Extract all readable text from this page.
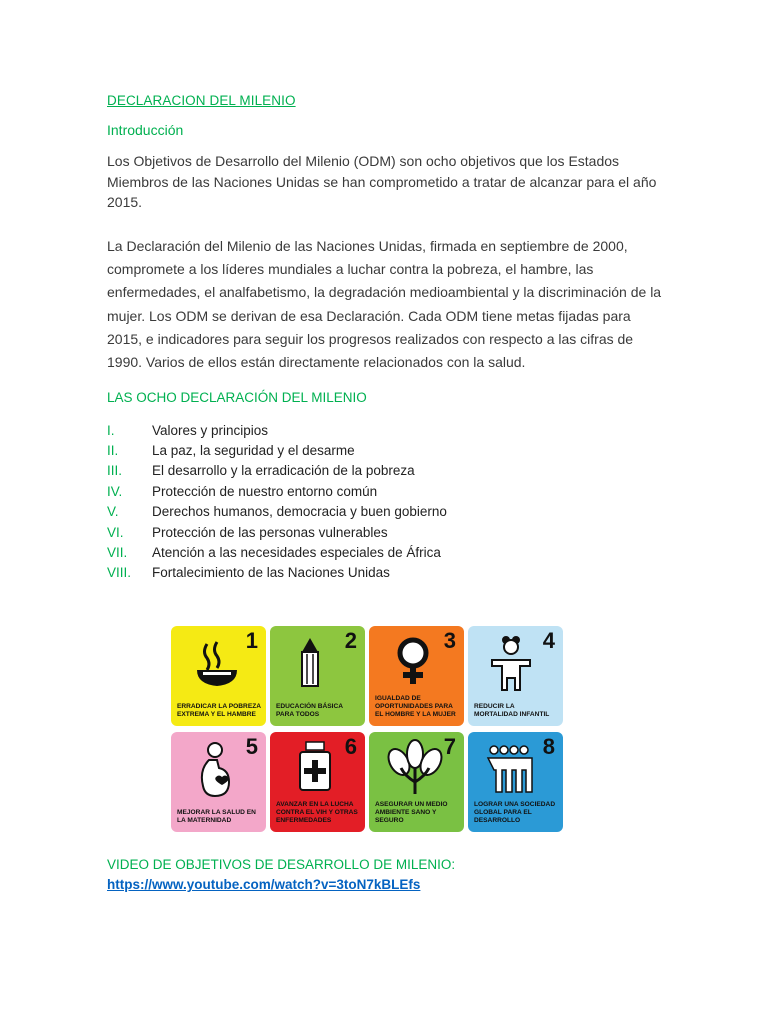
DECLARACION DEL MILENIO
Introducción
Los Objetivos de Desarrollo del Milenio (ODM) son ocho objetivos que los Estados Miembros de las Naciones Unidas se han comprometido a tratar de alcanzar para el año 2015.
La Declaración del Milenio de las Naciones Unidas, firmada en septiembre de 2000, compromete a los líderes mundiales a luchar contra la pobreza, el hambre, las enfermedades, el analfabetismo, la degradación medioambiental y la discriminación de la mujer. Los ODM se derivan de esa Declaración. Cada ODM tiene metas fijadas para 2015, e indicadores para seguir los progresos realizados con respecto a las cifras de 1990. Varios de ellos están directamente relacionados con la salud.
LAS OCHO DECLARACIÓN DEL MILENIO
I.	Valores y principios
II.	La paz, la seguridad y el desarme
III.	El desarrollo y la erradicación de la pobreza
IV.	Protección de nuestro entorno común
V.	Derechos humanos, democracia y buen gobierno
VI.	Protección de las personas vulnerables
VII.	Atención a las necesidades especiales de África
VIII.	Fortalecimiento de las Naciones Unidas
1
ERRADICAR LA POBREZA EXTREMA Y EL HAMBRE
2
EDUCACIÓN BÁSICA PARA TODOS
3
IGUALDAD DE OPORTUNIDADES PARA EL HOMBRE Y LA MUJER
4
REDUCIR LA MORTALIDAD INFANTIL
5
MEJORAR LA SALUD EN LA MATERNIDAD
6
AVANZAR EN LA LUCHA CONTRA EL VIH Y OTRAS ENFERMEDADES
7
ASEGURAR UN MEDIO AMBIENTE SANO Y SEGURO
8
LOGRAR UNA SOCIEDAD GLOBAL PARA EL DESARROLLO
VIDEO DE OBJETIVOS DE DESARROLLO DE MILENIO: https://www.youtube.com/watch?v=3toN7kBLEfs
